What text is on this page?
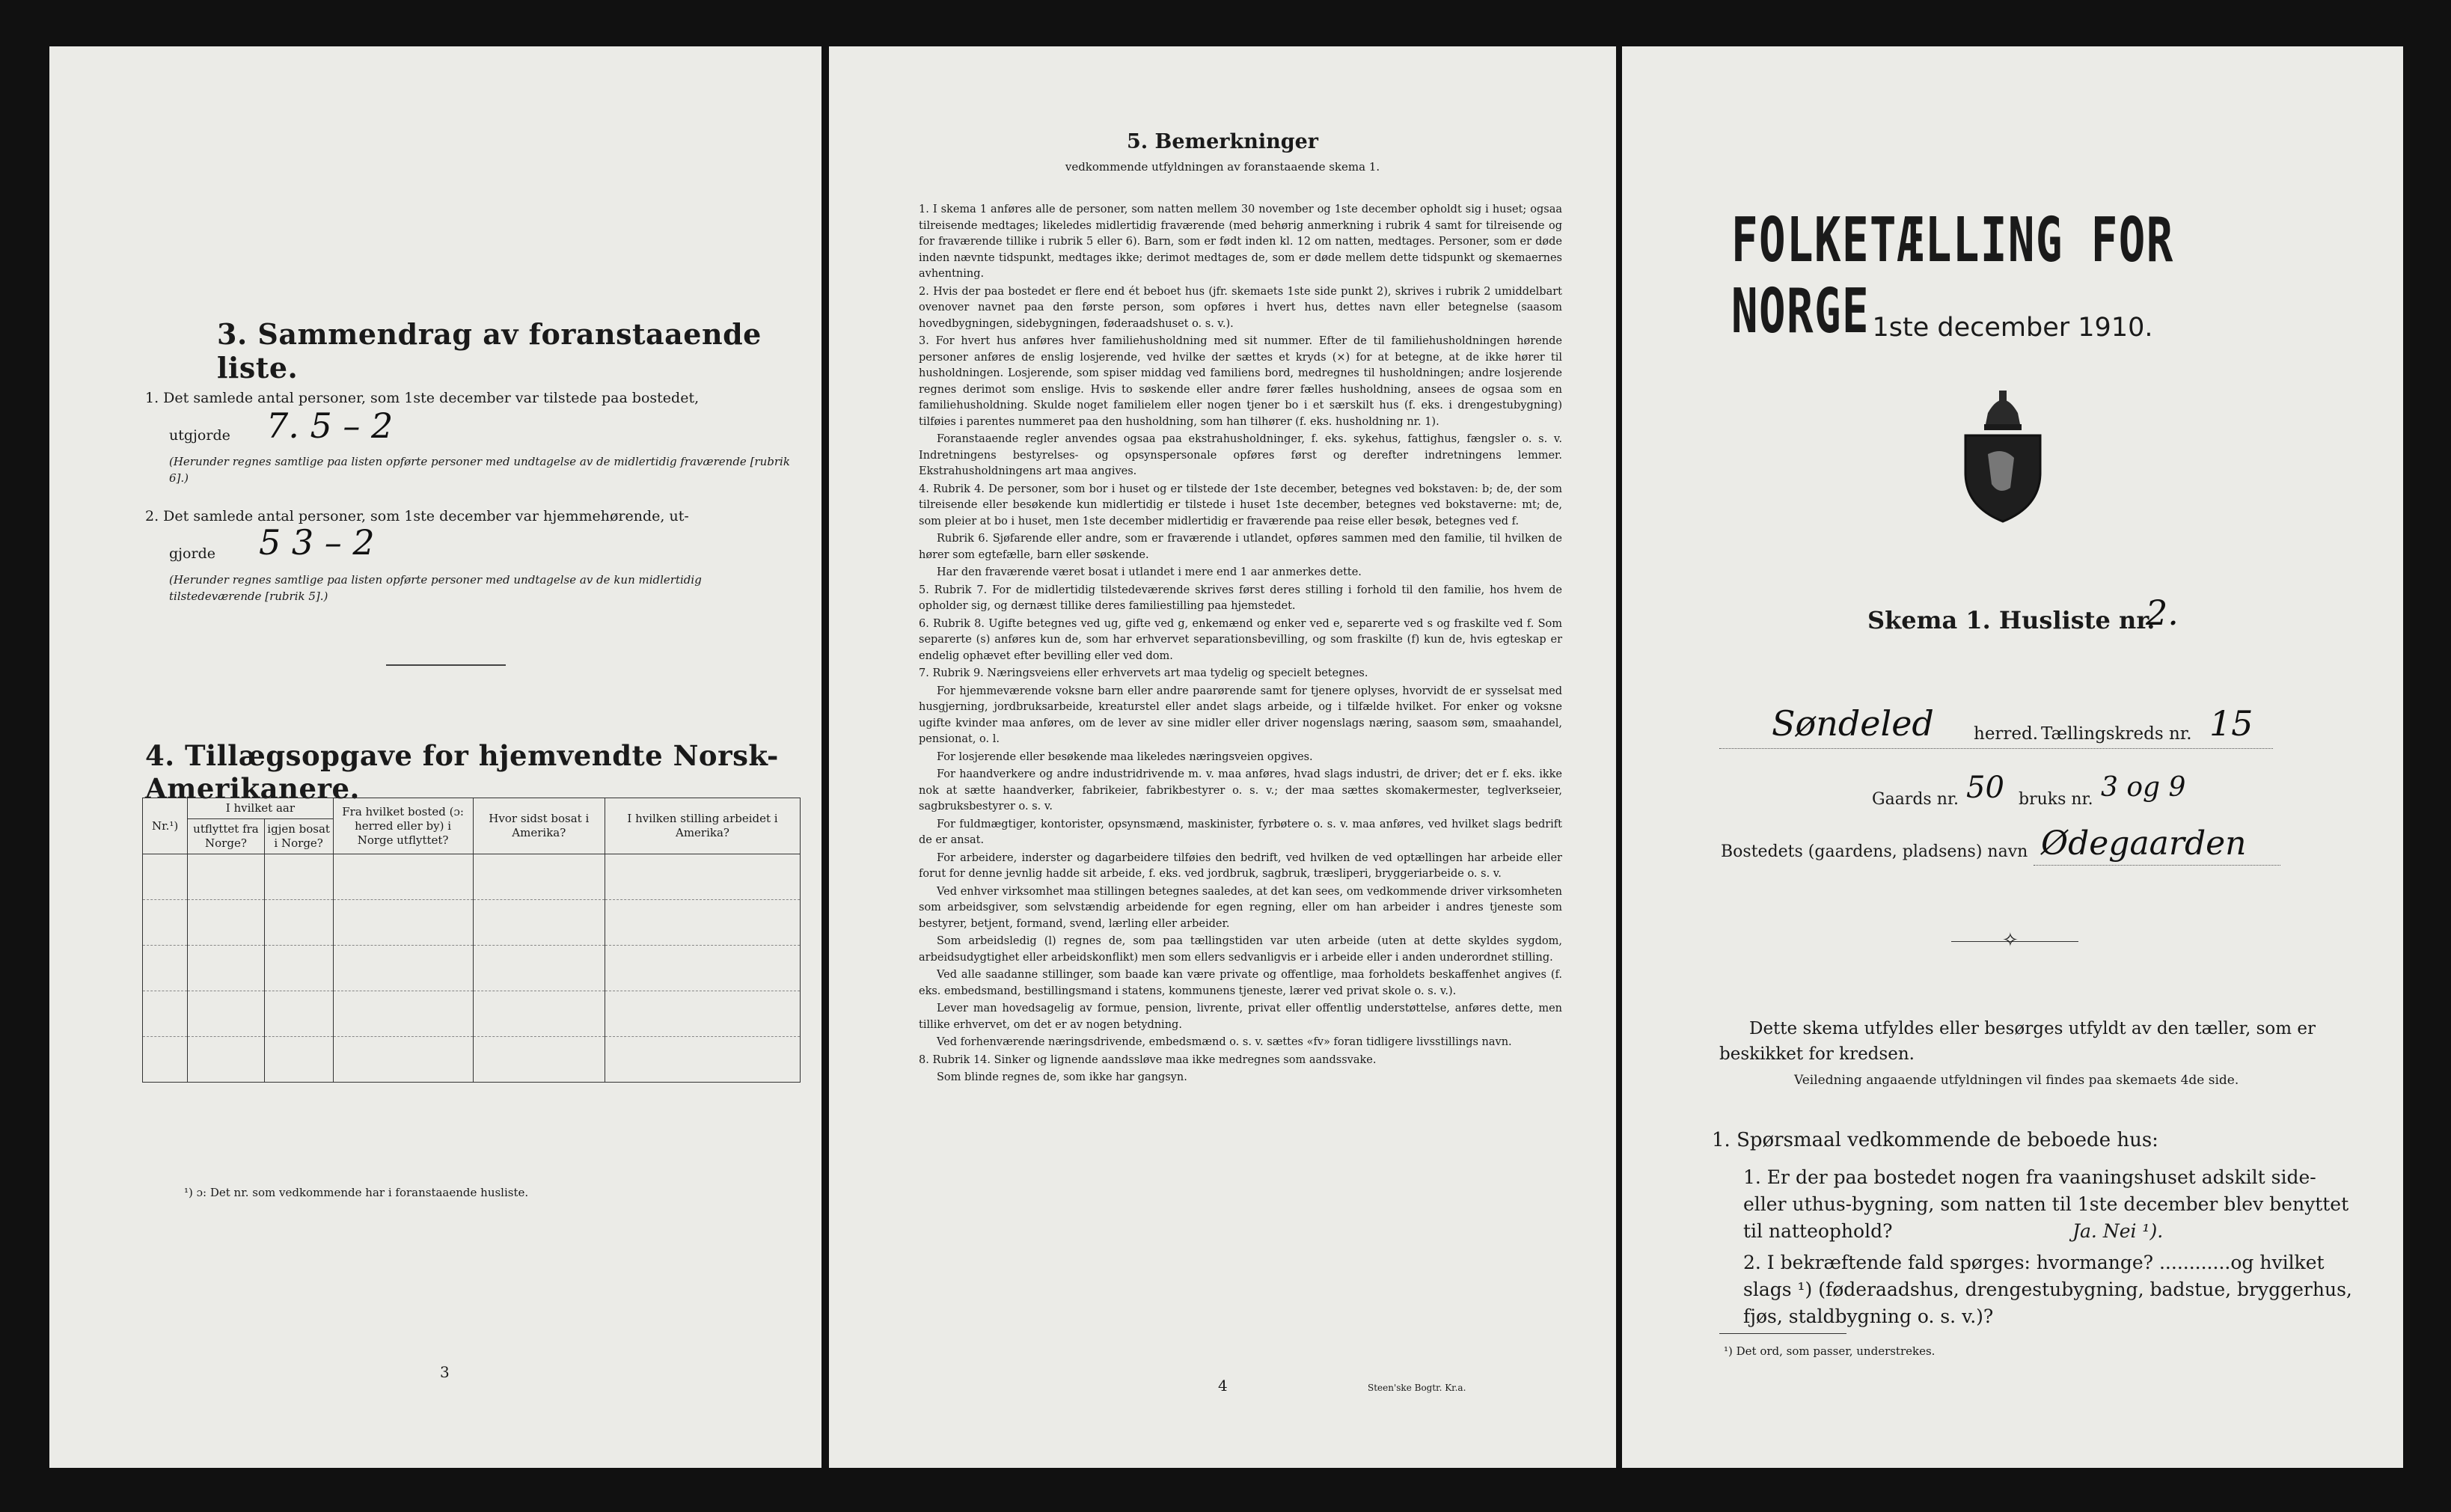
3. Sammendrag av foranstaaende liste.
1. Det samlede antal personer, som 1ste december var tilstede paa bostedet,
utgjorde 7. 5 – 2
(Herunder regnes samtlige paa listen opførte personer med undtagelse av de midlertidig fraværende [rubrik 6].)
2. Det samlede antal personer, som 1ste december var hjemmehørende, ut-
gjorde 5 3 – 2
(Herunder regnes samtlige paa listen opførte personer med undtagelse av de kun midlertidig tilstedeværende [rubrik 5].)
4. Tillægsopgave for hjemvendte Norsk-Amerikanere.
Nr.¹)	I hvilket aar		Fra hvilket bosted (ɔ: herred eller by) i Norge utflyttet?	Hvor sidst bosat i Amerika?	I hvilken stilling arbeidet i Amerika?
	utflyttet fra Norge?	igjen bosat i Norge?			

¹) ɔ: Det nr. som vedkommende har i foranstaaende husliste.
3
5. Bemerkninger
vedkommende utfyldningen av foranstaaende skema 1.

1. I skema 1 anføres alle de personer, som natten mellem 30 november og 1ste december opholdt sig i huset; ogsaa tilreisende medtages; likeledes midlertidig fraværende (med behørig anmerkning i rubrik 4 samt for tilreisende og for fraværende tillike i rubrik 5 eller 6). Barn, som er født inden kl. 12 om natten, medtages. Personer, som er døde inden nævnte tidspunkt, medtages ikke; derimot medtages de, som er døde mellem dette tidspunkt og skemaernes avhentning.

2. Hvis der paa bostedet er flere end ét beboet hus (jfr. skemaets 1ste side punkt 2), skrives i rubrik 2 umiddelbart ovenover navnet paa den første person, som opføres i hvert hus, dettes navn eller betegnelse (saasom hovedbygningen, sidebygningen, føderaadshuset o. s. v.).

3. For hvert hus anføres hver familiehusholdning med sit nummer. Efter de til familiehusholdningen hørende personer anføres de enslig losjerende, ved hvilke der sættes et kryds (×) for at betegne, at de ikke hører til husholdningen. Losjerende, som spiser middag ved familiens bord, medregnes til husholdningen; andre losjerende regnes derimot som enslige. Hvis to søskende eller andre fører fælles husholdning, ansees de ogsaa som en familiehusholdning. Skulde noget familielem eller nogen tjener bo i et særskilt hus (f. eks. i drengestubygning) tilføies i parentes nummeret paa den husholdning, som han tilhører (f. eks. husholdning nr. 1).

Foranstaaende regler anvendes ogsaa paa ekstrahusholdninger, f. eks. sykehus, fattighus, fængsler o. s. v. Indretningens bestyrelses- og opsynspersonale opføres først og derefter indretningens lemmer. Ekstrahusholdningens art maa angives.

4. Rubrik 4. De personer, som bor i huset og er tilstede der 1ste december, betegnes ved bokstaven: b; de, der som tilreisende eller besøkende kun midlertidig er tilstede i huset 1ste december, betegnes ved bokstaverne: mt; de, som pleier at bo i huset, men 1ste december midlertidig er fraværende paa reise eller besøk, betegnes ved f.

Rubrik 6. Sjøfarende eller andre, som er fraværende i utlandet, opføres sammen med den familie, til hvilken de hører som egtefælle, barn eller søskende.

Har den fraværende været bosat i utlandet i mere end 1 aar anmerkes dette.

5. Rubrik 7. For de midlertidig tilstedeværende skrives først deres stilling i forhold til den familie, hos hvem de opholder sig, og dernæst tillike deres familiestilling paa hjemstedet.

6. Rubrik 8. Ugifte betegnes ved ug, gifte ved g, enkemænd og enker ved e, separerte ved s og fraskilte ved f. Som separerte (s) anføres kun de, som har erhvervet separationsbevilling, og som fraskilte (f) kun de, hvis egteskap er endelig ophævet efter bevilling eller ved dom.

7. Rubrik 9. Næringsveiens eller erhvervets art maa tydelig og specielt betegnes.

For hjemmeværende voksne barn eller andre paarørende samt for tjenere oplyses, hvorvidt de er sysselsat med husgjerning, jordbruksarbeide, kreaturstel eller andet slags arbeide, og i tilfælde hvilket. For enker og voksne ugifte kvinder maa anføres, om de lever av sine midler eller driver nogenslags næring, saasom søm, smaahandel, pensionat, o. l.

For losjerende eller besøkende maa likeledes næringsveien opgives.

For haandverkere og andre industridrivende m. v. maa anføres, hvad slags industri, de driver; det er f. eks. ikke nok at sætte haandverker, fabrikeier, fabrikbestyrer o. s. v.; der maa sættes skomakermester, teglverkseier, sagbruksbestyrer o. s. v.

For fuldmægtiger, kontorister, opsynsmænd, maskinister, fyrbøtere o. s. v. maa anføres, ved hvilket slags bedrift de er ansat.

For arbeidere, inderster og dagarbeidere tilføies den bedrift, ved hvilken de ved optællingen har arbeide eller forut for denne jevnlig hadde sit arbeide, f. eks. ved jordbruk, sagbruk, træsliperi, bryggeriarbeide o. s. v.

Ved enhver virksomhet maa stillingen betegnes saaledes, at det kan sees, om vedkommende driver virksomheten som arbeidsgiver, som selvstændig arbeidende for egen regning, eller om han arbeider i andres tjeneste som bestyrer, betjent, formand, svend, lærling eller arbeider.

Som arbeidsledig (l) regnes de, som paa tællingstiden var uten arbeide (uten at dette skyldes sygdom, arbeidsudygtighet eller arbeidskonflikt) men som ellers sedvanligvis er i arbeide eller i anden underordnet stilling.

Ved alle saadanne stillinger, som baade kan være private og offentlige, maa forholdets beskaffenhet angives (f. eks. embedsmand, bestillingsmand i statens, kommunens tjeneste, lærer ved privat skole o. s. v.).

Lever man hovedsagelig av formue, pension, livrente, privat eller offentlig understøttelse, anføres dette, men tillike erhvervet, om det er av nogen betydning.

Ved forhenværende næringsdrivende, embedsmænd o. s. v. sættes «fv» foran tidligere livsstillings navn.

8. Rubrik 14. Sinker og lignende aandssløve maa ikke medregnes som aandssvake.

Som blinde regnes de, som ikke har gangsyn.

4	Steen'ske Bogtr. Kr.a.
FOLKETÆLLING FOR NORGE 1ste december 1910.
Skema 1. Husliste nr.
2.
Søndeled herred. Tællingskreds nr. 15
Gaards nr. 50 bruks nr. 3 og 9
Bostedets (gaardens, pladsens) navn Ødegaarden
✧
Dette skema utfyldes eller besørges utfyldt av den tæller, som er beskikket for kredsen.
Veiledning angaaende utfyldningen vil findes paa skemaets 4de side.
1. Spørsmaal vedkommende de beboede hus:
1. Er der paa bostedet nogen fra vaaningshuset adskilt side- eller uthus-bygning, som natten til 1ste december blev benyttet til natteophold?	Ja. Nei ¹).
2. I bekræftende fald spørges: hvormange? ............og hvilket slags ¹) (føderaadshus, drengestubygning, badstue, bryggerhus, fjøs, staldbygning o. s. v.)?
¹) Det ord, som passer, understrekes.
